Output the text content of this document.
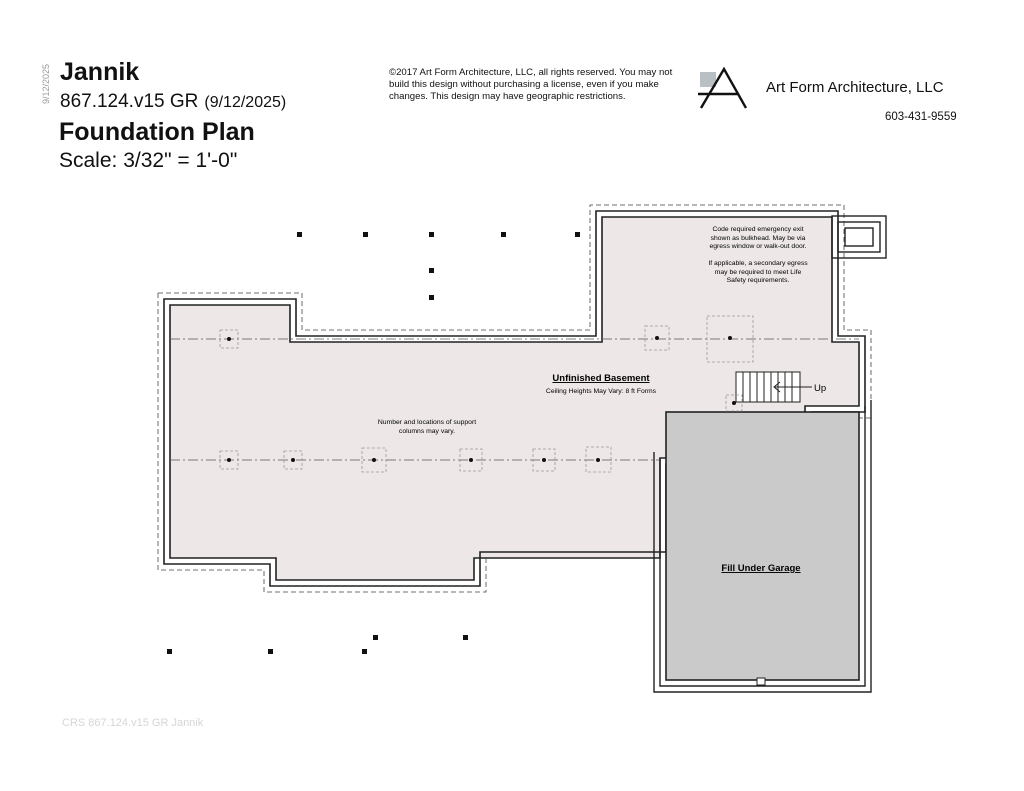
9/12/2025 Jannik
867.124.v15 GR (9/12/2025)
Foundation Plan
Scale: 3/32" = 1'-0"
©2017 Art Form Architecture, LLC, all rights reserved. You may not build this design without purchasing a license, even if you make changes. This design may have geographic restrictions.
Art Form Architecture, LLC
603-431-9559
Unfinished Basement
Ceiling Heights May Vary: 8 ft Forms
Code required emergency exit
shown as bulkhead. May be via
egress window or walk-out door.
If applicable, a secondary egress
may be required to meet Life
Safety requirements.
Number and locations of support
columns may vary.
Up
Fill Under Garage
CRS 867.124.v15 GR Jannik
